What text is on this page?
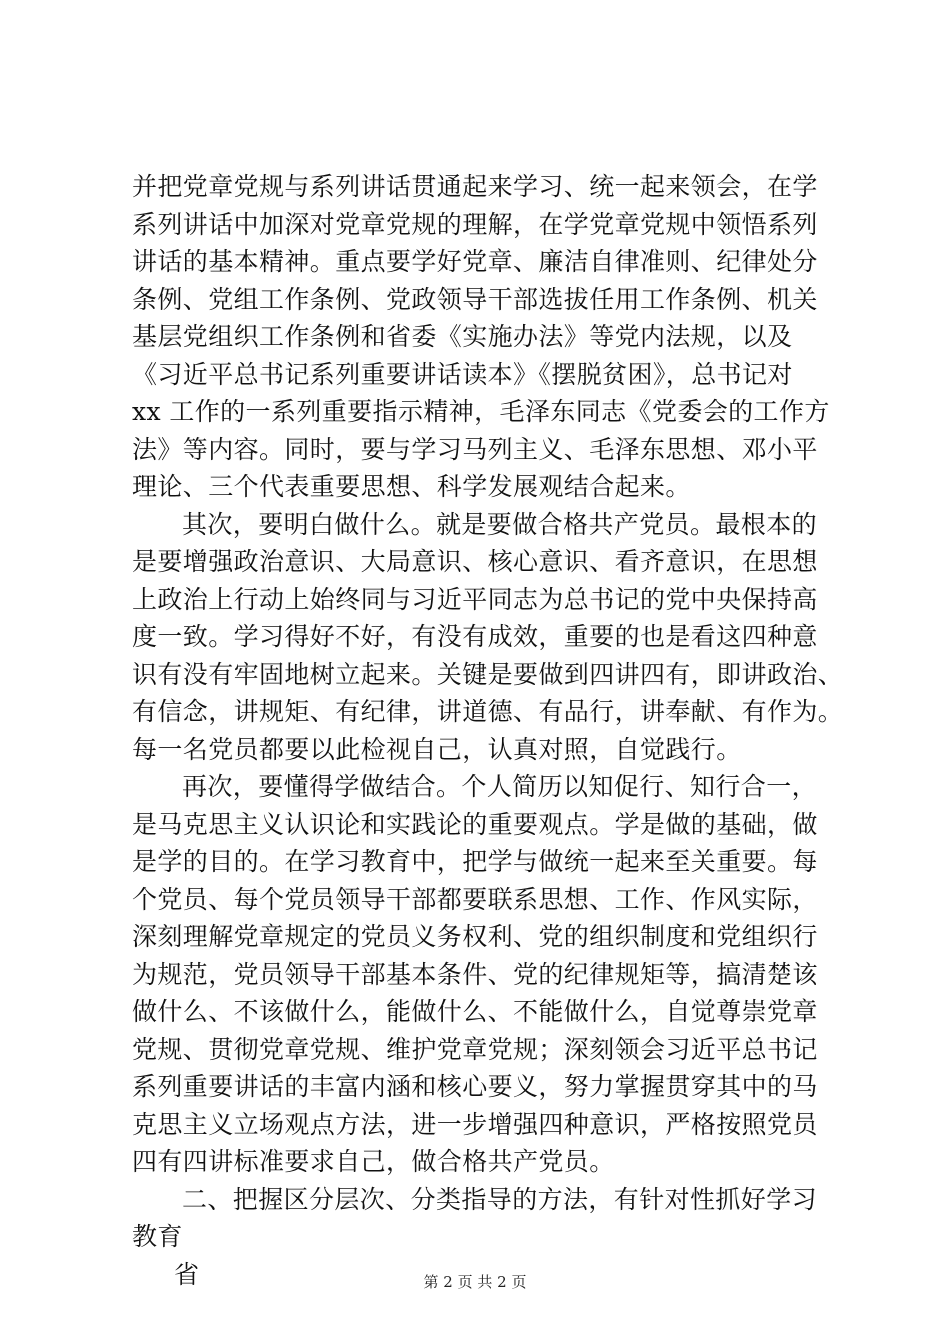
并把党章党规与系列讲话贯通起来学习、统一起来领会，在学
系列讲话中加深对党章党规的理解，在学党章党规中领悟系列
讲话的基本精神。重点要学好党章、廉洁自律准则、纪律处分
条例、党组工作条例、党政领导干部选拔任用工作条例、机关
基层党组织工作条例和省委《实施办法》等党内法规，以及
《习近平总书记系列重要讲话读本》《摆脱贫困》，总书记对
xx 工作的一系列重要指示精神，毛泽东同志《党委会的工作方
法》等内容。同时，要与学习马列主义、毛泽东思想、邓小平
理论、三个代表重要思想、科学发展观结合起来。
其次，要明白做什么。就是要做合格共产党员。最根本的
是要增强政治意识、大局意识、核心意识、看齐意识，在思想
上政治上行动上始终同与习近平同志为总书记的党中央保持高
度一致。学习得好不好，有没有成效，重要的也是看这四种意
识有没有牢固地树立起来。关键是要做到四讲四有，即讲政治、
有信念，讲规矩、有纪律，讲道德、有品行，讲奉献、有作为。
每一名党员都要以此检视自己，认真对照，自觉践行。
再次，要懂得学做结合。个人简历以知促行、知行合一，
是马克思主义认识论和实践论的重要观点。学是做的基础，做
是学的目的。在学习教育中，把学与做统一起来至关重要。每
个党员、每个党员领导干部都要联系思想、工作、作风实际，
深刻理解党章规定的党员义务权利、党的组织制度和党组织行
为规范，党员领导干部基本条件、党的纪律规矩等，搞清楚该
做什么、不该做什么，能做什么、不能做什么，自觉尊崇党章
党规、贯彻党章党规、维护党章党规；深刻领会习近平总书记
系列重要讲话的丰富内涵和核心要义，努力掌握贯穿其中的马
克思主义立场观点方法，进一步增强四种意识，严格按照党员
四有四讲标准要求自己，做合格共产党员。
二、把握区分层次、分类指导的方法，有针对性抓好学习
教育
省	第 2 页 共 2 页
